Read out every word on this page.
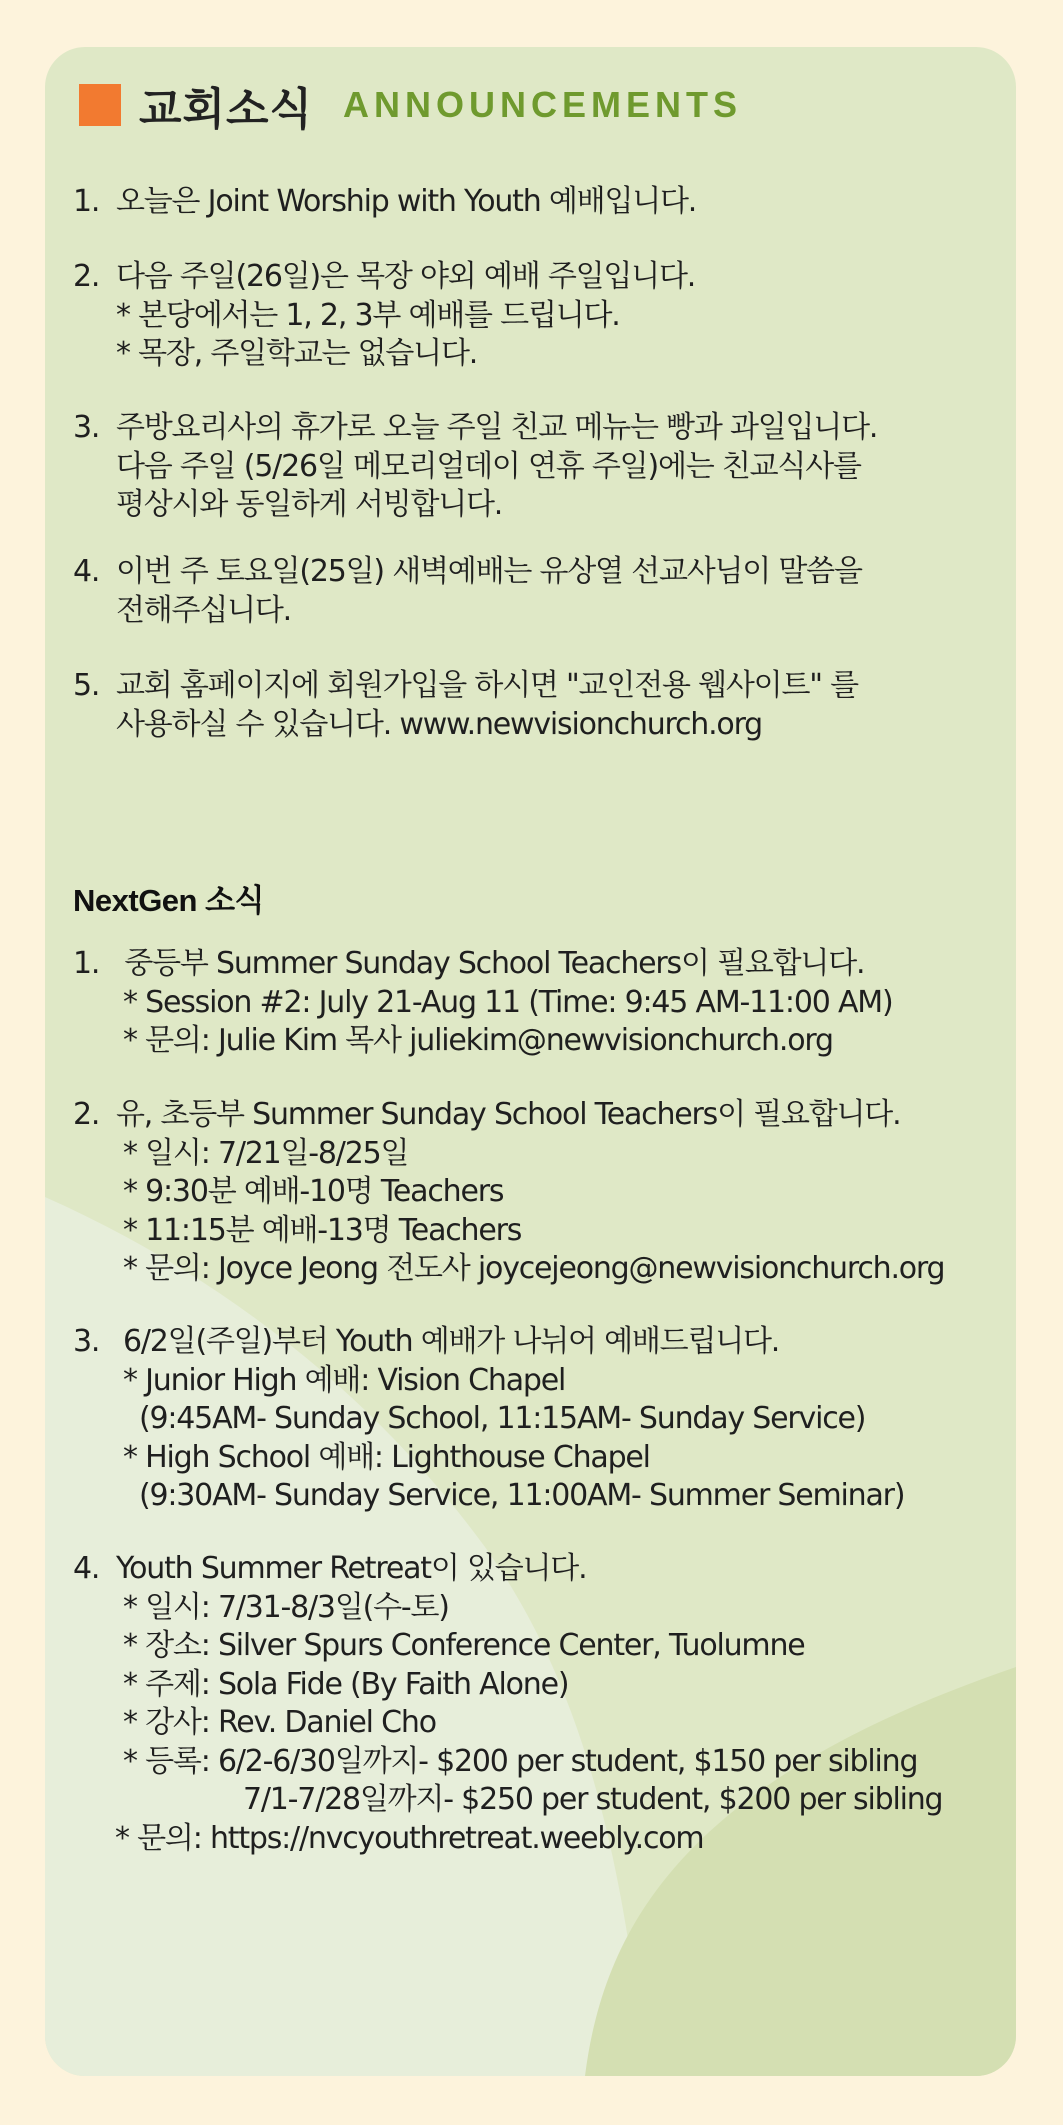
교회소식 ANNOUNCEMENTS
1. 오늘은 Joint Worship with Youth 예배입니다.
2. 다음 주일(26일)은 목장 야외 예배 주일입니다.
* 본당에서는 1, 2, 3부 예배를 드립니다.
* 목장, 주일학교는 없습니다.
3. 주방요리사의 휴가로 오늘 주일 친교 메뉴는 빵과 과일입니다.
다음 주일 (5/26일 메모리얼데이 연휴 주일)에는 친교식사를
평상시와 동일하게 서빙합니다.
4. 이번 주 토요일(25일) 새벽예배는 유상열 선교사님이 말씀을
전해주십니다.
5. 교회 홈페이지에 회원가입을 하시면 "교인전용 웹사이트" 를
사용하실 수 있습니다. www.newvisionchurch.org
NextGen 소식
1. 중등부 Summer Sunday School Teachers이 필요합니다.
* Session #2: July 21-Aug 11 (Time: 9:45 AM-11:00 AM)
* 문의: Julie Kim 목사 juliekim@newvisionchurch.org
2. 유, 초등부 Summer Sunday School Teachers이 필요합니다.
* 일시: 7/21일-8/25일
* 9:30분 예배-10명 Teachers
* 11:15분 예배-13명 Teachers
* 문의: Joyce Jeong 전도사 joycejeong@newvisionchurch.org
3. 6/2일(주일)부터 Youth 예배가 나뉘어 예배드립니다.
* Junior High 예배: Vision Chapel
(9:45AM- Sunday School, 11:15AM- Sunday Service)
* High School 예배: Lighthouse Chapel
(9:30AM- Sunday Service, 11:00AM- Summer Seminar)
4. Youth Summer Retreat이 있습니다.
* 일시: 7/31-8/3일(수-토)
* 장소: Silver Spurs Conference Center, Tuolumne
* 주제: Sola Fide (By Faith Alone)
* 강사: Rev. Daniel Cho
* 등록: 6/2-6/30일까지- $200 per student, $150 per sibling
7/1-7/28일까지- $250 per student, $200 per sibling
* 문의: https://nvcyouthretreat.weebly.com
